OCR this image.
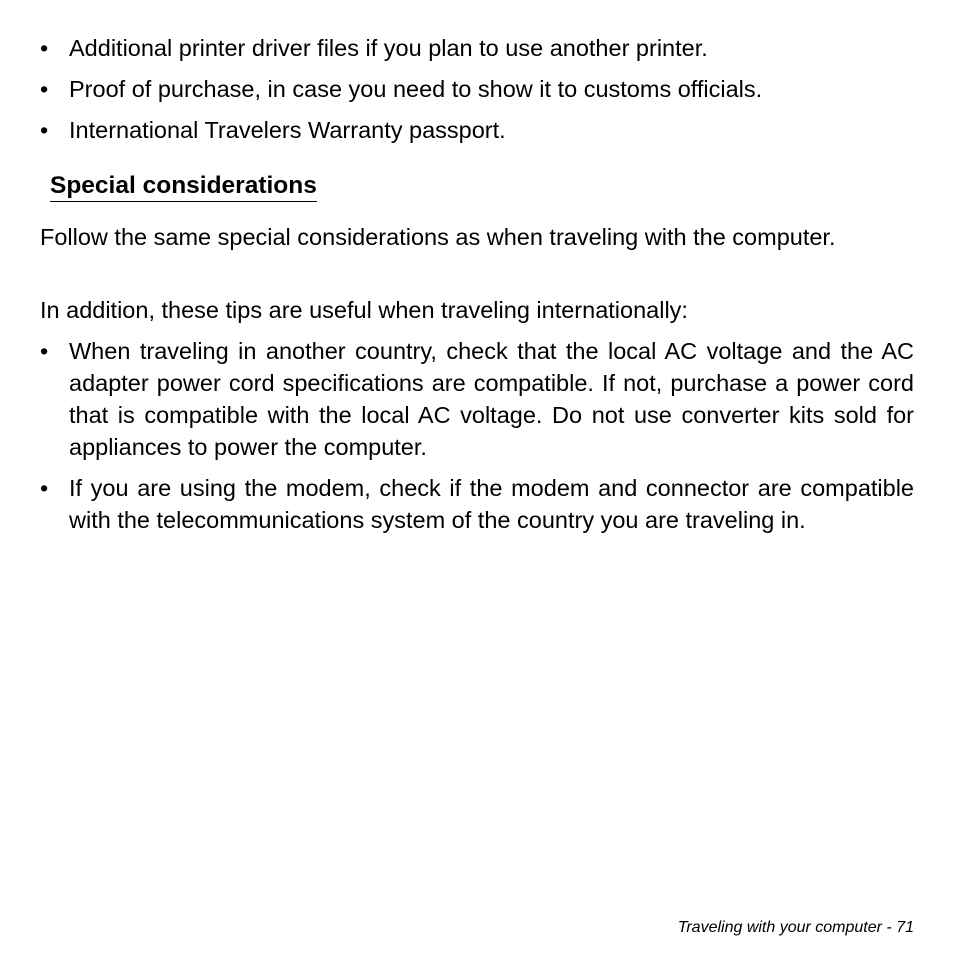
• Additional printer driver files if you plan to use another printer.
• Proof of purchase, in case you need to show it to customs officials.
• International Travelers Warranty passport.
Special considerations

Follow the same special considerations as when traveling with the computer.

In addition, these tips are useful when traveling internationally:

• When traveling in another country, check that the local AC voltage and the AC adapter power cord specifications are compatible. If not, purchase a power cord that is compatible with the local AC voltage. Do not use converter kits sold for appliances to power the computer.
• If you are using the modem, check if the modem and connector are compatible with the telecommunications system of the country you are traveling in.
Traveling with your computer - 71
